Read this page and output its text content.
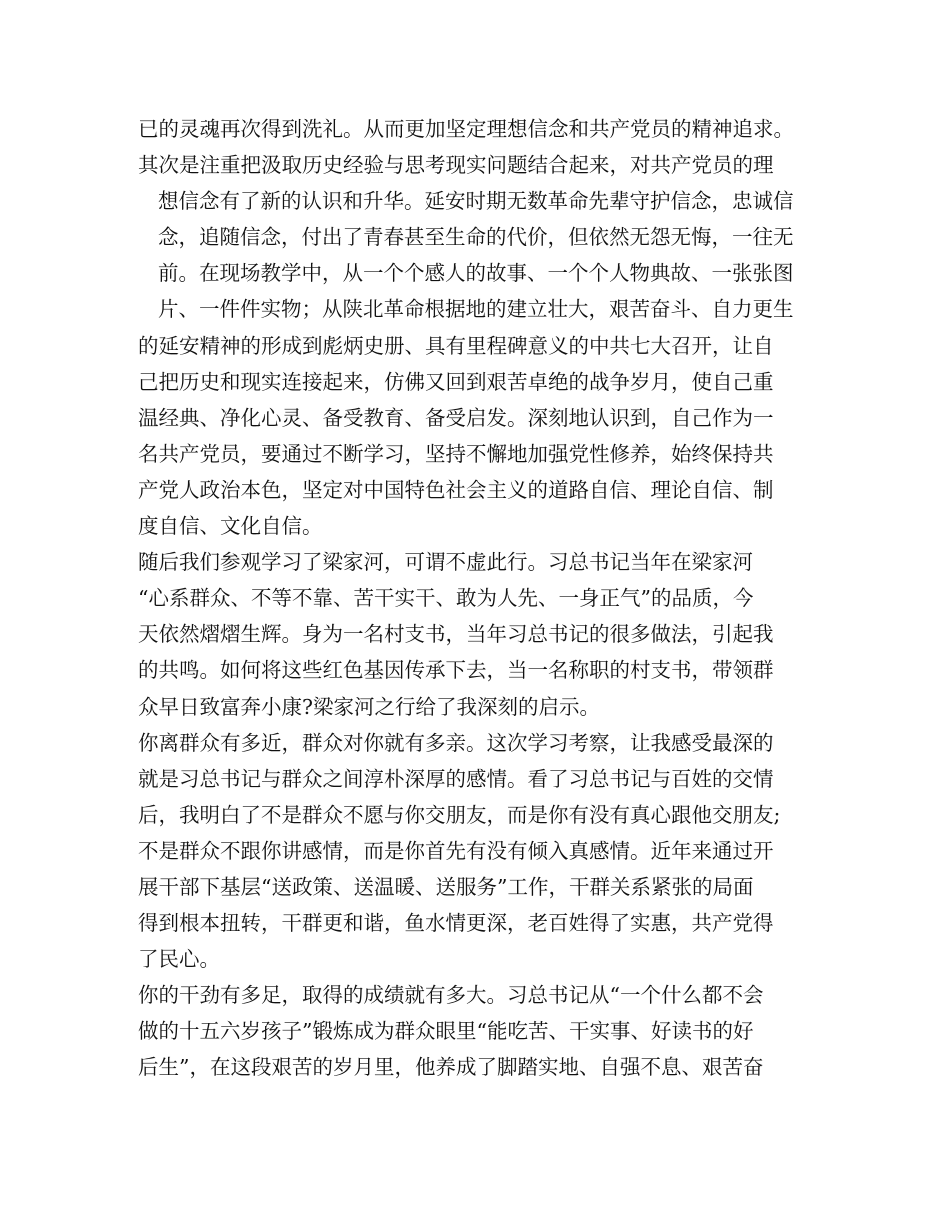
已的灵魂再次得到洗礼。从而更加坚定理想信念和共产党员的精神追求。
其次是注重把汲取历史经验与思考现实问题结合起来，对共产党员的理
想信念有了新的认识和升华。延安时期无数革命先辈守护信念，忠诚信
念，追随信念，付出了青春甚至生命的代价，但依然无怨无悔，一往无
前。在现场教学中，从一个个感人的故事、一个个人物典故、一张张图
片、一件件实物；从陕北革命根据地的建立壮大，艰苦奋斗、自力更生
的延安精神的形成到彪炳史册、具有里程碑意义的中共七大召开，让自
己把历史和现实连接起来，仿佛又回到艰苦卓绝的战争岁月，使自己重
温经典、净化心灵、备受教育、备受启发。深刻地认识到，自己作为一
名共产党员，要通过不断学习，坚持不懈地加强党性修养，始终保持共
产党人政治本色，坚定对中国特色社会主义的道路自信、理论自信、制
度自信、文化自信。
随后我们参观学习了梁家河，可谓不虚此行。习总书记当年在梁家河
“心系群众、不等不靠、苦干实干、敢为人先、一身正气”的品质，今
天依然熠熠生辉。身为一名村支书，当年习总书记的很多做法，引起我
的共鸣。如何将这些红色基因传承下去，当一名称职的村支书，带领群
众早日致富奔小康?梁家河之行给了我深刻的启示。
你离群众有多近，群众对你就有多亲。这次学习考察，让我感受最深的
就是习总书记与群众之间淳朴深厚的感情。看了习总书记与百姓的交情
后，我明白了不是群众不愿与你交朋友，而是你有没有真心跟他交朋友;
不是群众不跟你讲感情，而是你首先有没有倾入真感情。近年来通过开
展干部下基层“送政策、送温暖、送服务”工作，干群关系紧张的局面
得到根本扭转，干群更和谐，鱼水情更深，老百姓得了实惠，共产党得
了民心。
你的干劲有多足，取得的成绩就有多大。习总书记从“一个什么都不会
做的十五六岁孩子”锻炼成为群众眼里“能吃苦、干实事、好读书的好
后生”，在这段艰苦的岁月里，他养成了脚踏实地、自强不息、艰苦奋
